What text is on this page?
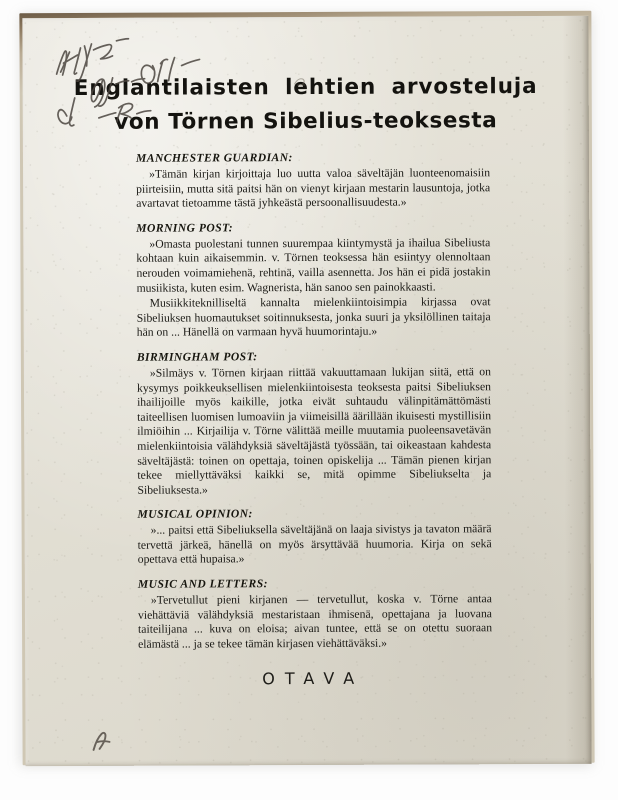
Englantilaisten lehtien arvosteluja
von Törnen Sibelius-teoksesta
MANCHESTER GUARDIAN:

»Tämän kirjan kirjoittaja luo uutta valoa säveltäjän luonteenomaisiin piirteisiin, mutta sitä paitsi hän on vienyt kirjaan mestarin lausuntoja, jotka avartavat tietoamme tästä jyhkeästä persoonallisuudesta.»

MORNING POST:

»Omasta puolestani tunnen suurempaa kiintymystä ja ihailua Sibeliusta kohtaan kuin aikaisemmin. v. Törnen teoksessa hän esiintyy olennoltaan nerouden voimamiehenä, rehtinä, vailla asennetta. Jos hän ei pidä jostakin musiikista, kuten esim. Wagnerista, hän sanoo sen painokkaasti.

Musiikkiteknilliseltä kannalta mielenkiintoisimpia kirjassa ovat Sibeliuksen huomautukset soitinnuksesta, jonka suuri ja yksilöllinen taitaja hän on ... Hänellä on varmaan hyvä huumorintaju.»

BIRMINGHAM POST:

»Silmäys v. Törnen kirjaan riittää vakuuttamaan lukijan siitä, että on kysymys poikkeuksellisen mielenkiintoisesta teoksesta paitsi Sibeliuksen ihailijoille myös kaikille, jotka eivät suhtaudu välinpitämättömästi taiteellisen luomisen lumoaviin ja viimeisillä äärillään ikuisesti mystillisiin ilmiöihin ... Kirjailija v. Törne välittää meille muutamia puoleensavetävän mielenkiintoisia välähdyksiä säveltäjästä työssään, tai oikeastaan kahdesta säveltäjästä: toinen on opettaja, toinen opiskelija ... Tämän pienen kirjan tekee miellyttäväksi kaikki se, mitä opimme Sibeliukselta ja Sibeliuksesta.»

MUSICAL OPINION:

»... paitsi että Sibeliuksella säveltäjänä on laaja sivistys ja tavaton määrä tervettä järkeä, hänellä on myös ärsyttävää huumoria. Kirja on sekä opettava että hupaisa.»

MUSIC AND LETTERS:

»Tervetullut pieni kirjanen — tervetullut, koska v. Törne antaa viehättäviä välähdyksiä mestaristaan ihmisenä, opettajana ja luovana taiteilijana ... kuva on eloisa; aivan tuntee, että se on otettu suoraan elämästä ... ja se tekee tämän kirjasen viehättäväksi.»

OTAVA
